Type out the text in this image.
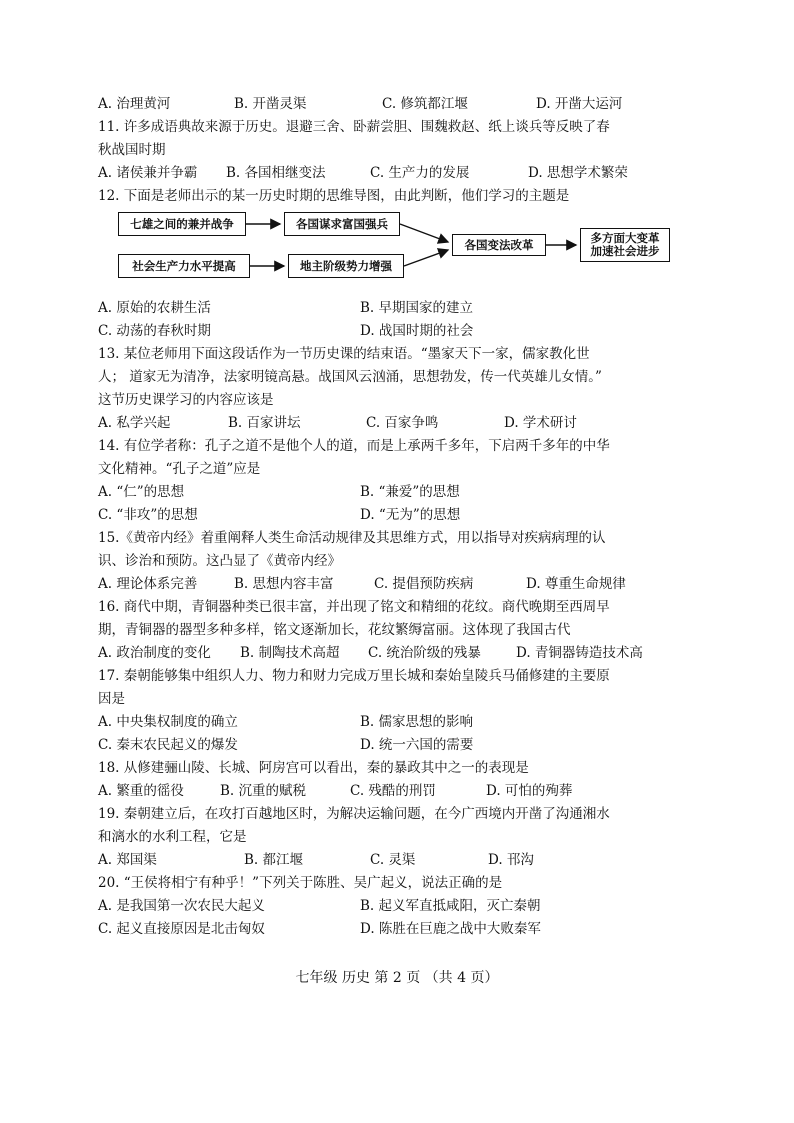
A. 治理黄河	B. 开凿灵渠	C. 修筑都江堰	D. 开凿大运河
11. 许多成语典故来源于历史。退避三舍、卧薪尝胆、围魏救赵、纸上谈兵等反映了春
秋战国时期
A. 诸侯兼并争霸 B. 各国相继变法	C. 生产力的发展	D. 思想学术繁荣
12. 下面是老师出示的某一历史时期的思维导图，由此判断，他们学习的主题是
七雄之间的兼并战争	各国谋求富国强兵
社会生产力水平提高	地主阶级势力增强
各国变法改革	多方面大变革
加速社会进步
A. 原始的农耕生活	B. 早期国家的建立
C. 动荡的春秋时期	D. 战国时期的社会
13. 某位老师用下面这段话作为一节历史课的结束语。“墨家天下一家，儒家教化世
人； 道家无为清净，法家明镜高悬。战国风云汹涌，思想勃发，传一代英雄儿女情。”
这节历史课学习的内容应该是
A. 私学兴起	B. 百家讲坛	C. 百家争鸣	D. 学术研讨
14. 有位学者称：孔子之道不是他个人的道，而是上承两千多年，下启两千多年的中华
文化精神。“孔子之道”应是
A. “仁”的思想	B. “兼爱”的思想
C. “非攻”的思想	D. “无为”的思想
15.《黄帝内经》着重阐释人类生命活动规律及其思维方式，用以指导对疾病病理的认
识、诊治和预防。这凸显了《黄帝内经》
A. 理论体系完善	B. 思想内容丰富	C. 提倡预防疾病	D. 尊重生命规律
16. 商代中期，青铜器种类已很丰富，并出现了铭文和精细的花纹。商代晚期至西周早
期，青铜器的器型多种多样，铭文逐渐加长，花纹繁缛富丽。这体现了我国古代
A. 政治制度的变化 B. 制陶技术高超 C. 统治阶级的残暴	D. 青铜器铸造技术高
17. 秦朝能够集中组织人力、物力和财力完成万里长城和秦始皇陵兵马俑修建的主要原
因是
A. 中央集权制度的确立	B. 儒家思想的影响
C. 秦末农民起义的爆发	D. 统一六国的需要
18. 从修建骊山陵、长城、阿房宫可以看出，秦的暴政其中之一的表现是
A. 繁重的徭役	B. 沉重的赋税	C. 残酷的刑罚	D. 可怕的殉葬
19. 秦朝建立后，在攻打百越地区时，为解决运输问题，在今广西境内开凿了沟通湘水
和漓水的水利工程，它是
A. 郑国渠	B. 都江堰	C. 灵渠	D. 邗沟
20. “王侯将相宁有种乎！”下列关于陈胜、吴广起义，说法正确的是
A. 是我国第一次农民大起义	B. 起义军直抵咸阳，灭亡秦朝
C. 起义直接原因是北击匈奴	D. 陈胜在巨鹿之战中大败秦军
七年级 历史 第 2 页 （共 4 页）
